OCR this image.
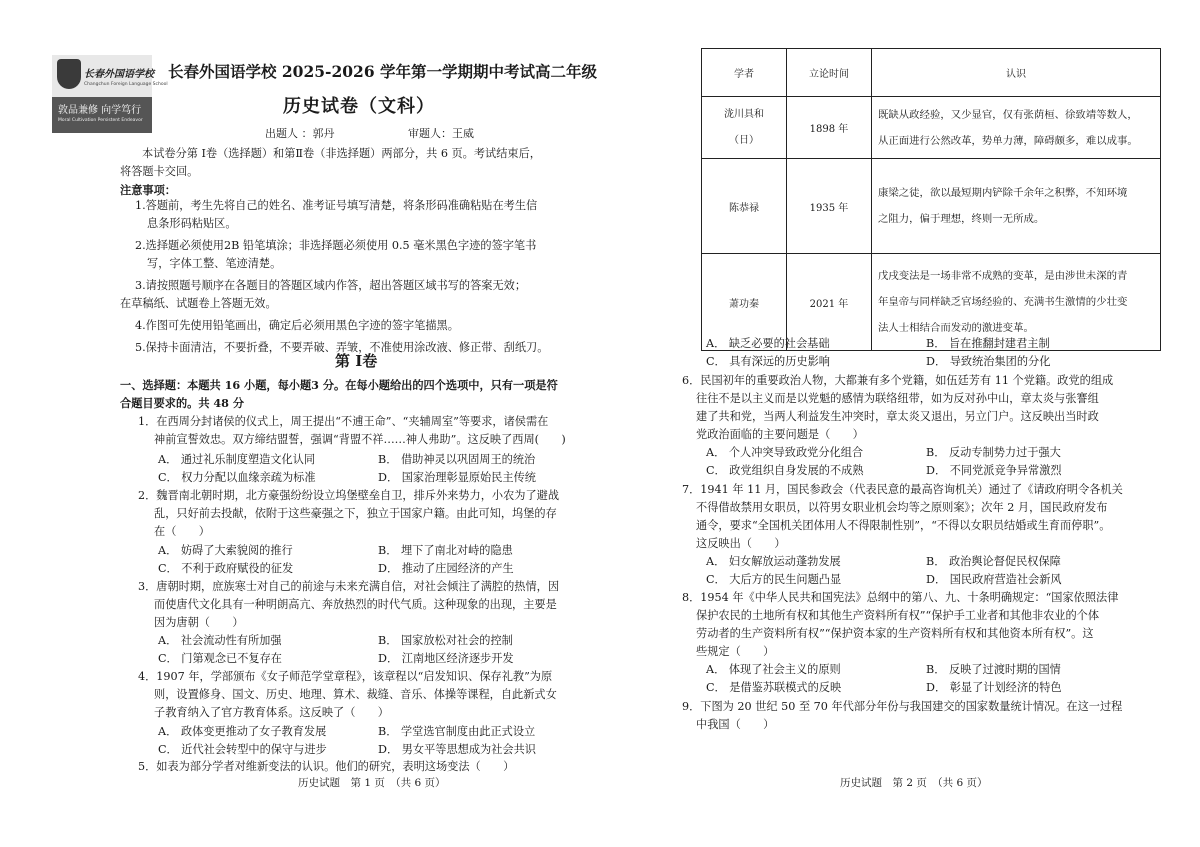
长春外国语学校
Changchun Foreign Language School
敦品兼修 向学笃行
Moral Cultivation Persistent Endeavor
长春外国语学校 2025-2026 学年第一学期期中考试高二年级
历史试卷（文科）
出题人 ：郭丹	审题人：王威

本试卷分第 Ⅰ卷（选择题）和第Ⅱ卷（非选择题）两部分，共 6 页。考试结束后，

将答题卡交回。

注意事项：

1.答题前，考生先将自己的姓名、准考证号填写清楚，将条形码准确粘贴在考生信

息条形码粘贴区。

2.选择题必须使用2B 铅笔填涂；非选择题必须使用 0.5 毫米黑色字迹的签字笔书

写，字体工整、笔迹清楚。

3.请按照题号顺序在各题目的答题区域内作答，超出答题区域书写的答案无效；

在草稿纸、试题卷上答题无效。

4.作图可先使用铅笔画出，确定后必须用黑色字迹的签字笔描黑。

5.保持卡面清洁，不要折叠，不要弄破、弄皱，不准使用涂改液、修正带、刮纸刀。

第 Ⅰ卷

一、选择题：本题共 16 小题，每小题3 分。在每小题给出的四个选项中，只有一项是符

合题目要求的。共 48 分

1．在西周分封诸侯的仪式上，周王提出“不逋王命”、“夹辅周室”等要求，诸侯需在

神前宣誓效忠。双方缔结盟誓，强调“背盟不祥……神人弗助”。这反映了西周(　　)

A． 通过礼乐制度塑造文化认同	B． 借助神灵以巩固周王的统治
C． 权力分配以血缘亲疏为标准	D． 国家治理彰显原始民主传统

2．魏晋南北朝时期，北方豪强纷纷设立坞堡壁垒自卫，排斥外来势力，小农为了避战

乱，只好前去投献，依附于这些豪强之下，独立于国家户籍。由此可知，坞堡的存

在（　　）

A． 妨碍了大索貌阅的推行	B． 埋下了南北对峙的隐患
C． 不利于政府赋役的征发	D． 推动了庄园经济的产生

3．唐朝时期，庶族寒士对自己的前途与未来充满自信，对社会倾注了满腔的热情，因

而使唐代文化具有一种明朗高亢、奔放热烈的时代气质。这种现象的出现，主要是

因为唐朝（　　）

A． 社会流动性有所加强	B． 国家放松对社会的控制
C． 门第观念已不复存在	D． 江南地区经济逐步开发

4．1907 年，学部颁布《女子师范学堂章程》，该章程以“启发知识、保存礼教”为原

则，设置修身、国文、历史、地理、算术、裁缝、音乐、体操等课程，自此新式女

子教育纳入了官方教育体系。这反映了（　　）

A． 政体变更推动了女子教育发展	B． 学堂选官制度由此正式设立
C． 近代社会转型中的保守与进步	D． 男女平等思想成为社会共识

5．如表为部分学者对维新变法的认识。他们的研究，表明这场变法（　　）

历史试题　第 1 页　（共 6 页）
学者	立论时间	认识
泷川具和
（日）	1898 年	既缺从政经验，又少显官，仅有张荫桓、徐致靖等数人，
从正面进行公然改革，势单力薄，障碍颇多，难以成事。
陈恭禄	1935 年	康梁之徒，欲以最短期内铲除千余年之积弊，不知环境
之阻力，偏于理想，终则一无所成。
萧功秦	2021 年	戊戌变法是一场非常不成熟的变革，是由涉世未深的青
年皇帝与同样缺乏官场经验的、充满书生激情的少壮变
法人士相结合而发动的激进变革。
A． 缺乏必要的社会基础	B． 旨在推翻封建君主制
C． 具有深远的历史影响	D． 导致统治集团的分化

6．民国初年的重要政治人物，大都兼有多个党籍，如伍廷芳有 11 个党籍。政党的组成

往往不是以主义而是以党魁的感情为联络纽带，如为反对孙中山，章太炎与张謇组

建了共和党，当两人利益发生冲突时，章太炎又退出，另立门户。这反映出当时政

党政治面临的主要问题是（　　）

A． 个人冲突导致政党分化组合	B． 反动专制势力过于强大
C． 政党组织自身发展的不成熟	D． 不同党派竞争异常激烈

7．1941 年 11 月，国民参政会（代表民意的最高咨询机关）通过了《请政府明令各机关

不得借故禁用女职员，以符男女职业机会均等之原则案》；次年 2 月，国民政府发布

通令，要求“全国机关团体用人不得限制性别”，“不得以女职员结婚或生育而停职”。

这反映出（　　）

A． 妇女解放运动蓬勃发展	B． 政治舆论督促民权保障
C． 大后方的民生问题凸显	D． 国民政府营造社会新风

8．1954 年《中华人民共和国宪法》总纲中的第八、九、十条明确规定：“国家依照法律

保护农民的土地所有权和其他生产资料所有权”“保护手工业者和其他非农业的个体

劳动者的生产资料所有权”“保护资本家的生产资料所有权和其他资本所有权”。这

些规定（　　）

A． 体现了社会主义的原则	B． 反映了过渡时期的国情
C． 是借鉴苏联模式的反映	D． 彰显了计划经济的特色

9．下图为 20 世纪 50 至 70 年代部分年份与我国建交的国家数量统计情况。在这一过程

中我国（　　）

历史试题　第 2 页　（共 6 页）
